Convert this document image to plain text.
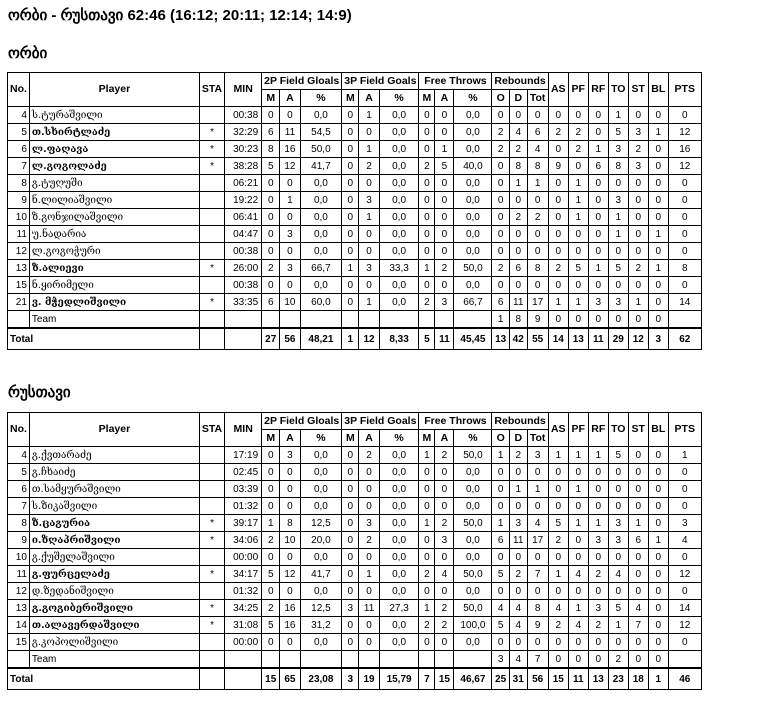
ორბი - რუსთავი 62:46 (16:12; 20:11; 12:14; 14:9)
ორბი
No.	Player	STA	MIN	2P Field Gloals			3P Field Goals			Free Throws			Rebounds			AS	PF	RF	TO	ST	BL	PTS
				M	A	%	M	A	%	M	A	%	O	D	Tot							
4	ს.ტურაშვილი		00:38	0	0	0,0	0	1	0,0	0	0	0,0	0	0	0	0	0	0	1	0	0	0
5	თ.სხირტლაძე	*	32:29	6	11	54,5	0	0	0,0	0	0	0,0	2	4	6	2	2	0	5	3	1	12
6	ლ.ფაღავა	*	30:23	8	16	50,0	0	1	0,0	0	1	0,0	2	2	4	0	2	1	3	2	0	16
7	ლ.გოგოლაძე	*	38:28	5	12	41,7	0	2	0,0	2	5	40,0	0	8	8	9	0	6	8	3	0	12
8	გ.ტუღუში		06:21	0	0	0,0	0	0	0,0	0	0	0,0	0	1	1	0	1	0	0	0	0	0
9	ნ.ლილიაშვილი		19:22	0	1	0,0	0	3	0,0	0	0	0,0	0	0	0	0	1	0	3	0	0	0
10	ზ.გონჯილაშვილი		06:41	0	0	0,0	0	1	0,0	0	0	0,0	0	2	2	0	1	0	1	0	0	0
11	უ.ნადარია		04:47	0	3	0,0	0	0	0,0	0	0	0,0	0	0	0	0	0	0	1	0	1	0
12	ლ.გოგოჭური		00:38	0	0	0,0	0	0	0,0	0	0	0,0	0	0	0	0	0	0	0	0	0	0
13	ზ.ალიევი	*	26:00	2	3	66,7	1	3	33,3	1	2	50,0	2	6	8	2	5	1	5	2	1	8
15	ნ.ყირიმელი		00:38	0	0	0,0	0	0	0,0	0	0	0,0	0	0	0	0	0	0	0	0	0	0
21	ვ. მჭედლიშვილი	*	33:35	6	10	60,0	0	1	0,0	2	3	66,7	6	11	17	1	1	3	3	1	0	14
	Team												1	8	9	0	0	0	0	0	0	
Total				27	56	48,21	1	12	8,33	5	11	45,45	13	42	55	14	13	11	29	12	3	62
რუსთავი
No.	Player	STA	MIN	2P Field Gloals			3P Field Goals			Free Throws			Rebounds			AS	PF	RF	TO	ST	BL	PTS
				M	A	%	M	A	%	M	A	%	O	D	Tot							
4	გ.ქვთარაძე		17:19	0	3	0,0	0	2	0,0	1	2	50,0	1	2	3	1	1	1	5	0	0	1
5	გ.ჩხაიძე		02:45	0	0	0,0	0	0	0,0	0	0	0,0	0	0	0	0	0	0	0	0	0	0
6	თ.სამყურაშვილი		03:39	0	0	0,0	0	0	0,0	0	0	0,0	0	1	1	0	1	0	0	0	0	0
7	ს.ზიკაშვილი		01:32	0	0	0,0	0	0	0,0	0	0	0,0	0	0	0	0	0	0	0	0	0	0
8	ზ.ცაგურია	*	39:17	1	8	12,5	0	3	0,0	1	2	50,0	1	3	4	5	1	1	3	1	0	3
9	ი.ზღაპრიშვილი	*	34:06	2	10	20,0	0	2	0,0	0	3	0,0	6	11	17	2	0	3	3	6	1	4
10	გ.ქუშელაშვილი		00:00	0	0	0,0	0	0	0,0	0	0	0,0	0	0	0	0	0	0	0	0	0	0
11	გ.ფურცელაძე	*	34:17	5	12	41,7	0	1	0,0	2	4	50,0	5	2	7	1	4	2	4	0	0	12
12	დ.ზედანიშვილი		01:32	0	0	0,0	0	0	0,0	0	0	0,0	0	0	0	0	0	0	0	0	0	0
13	გ.გოგიბერიშვილი	*	34:25	2	16	12,5	3	11	27,3	1	2	50,0	4	4	8	4	1	3	5	4	0	14
14	თ.ალავერდაშვილი	*	31:08	5	16	31,2	0	0	0,0	2	2	100,0	5	4	9	2	4	2	1	7	0	12
15	გ.კოპოლიშვილი		00:00	0	0	0,0	0	0	0,0	0	0	0,0	0	0	0	0	0	0	0	0	0	0
	Team												3	4	7	0	0	0	2	0	0	
Total				15	65	23,08	3	19	15,79	7	15	46,67	25	31	56	15	11	13	23	18	1	46
